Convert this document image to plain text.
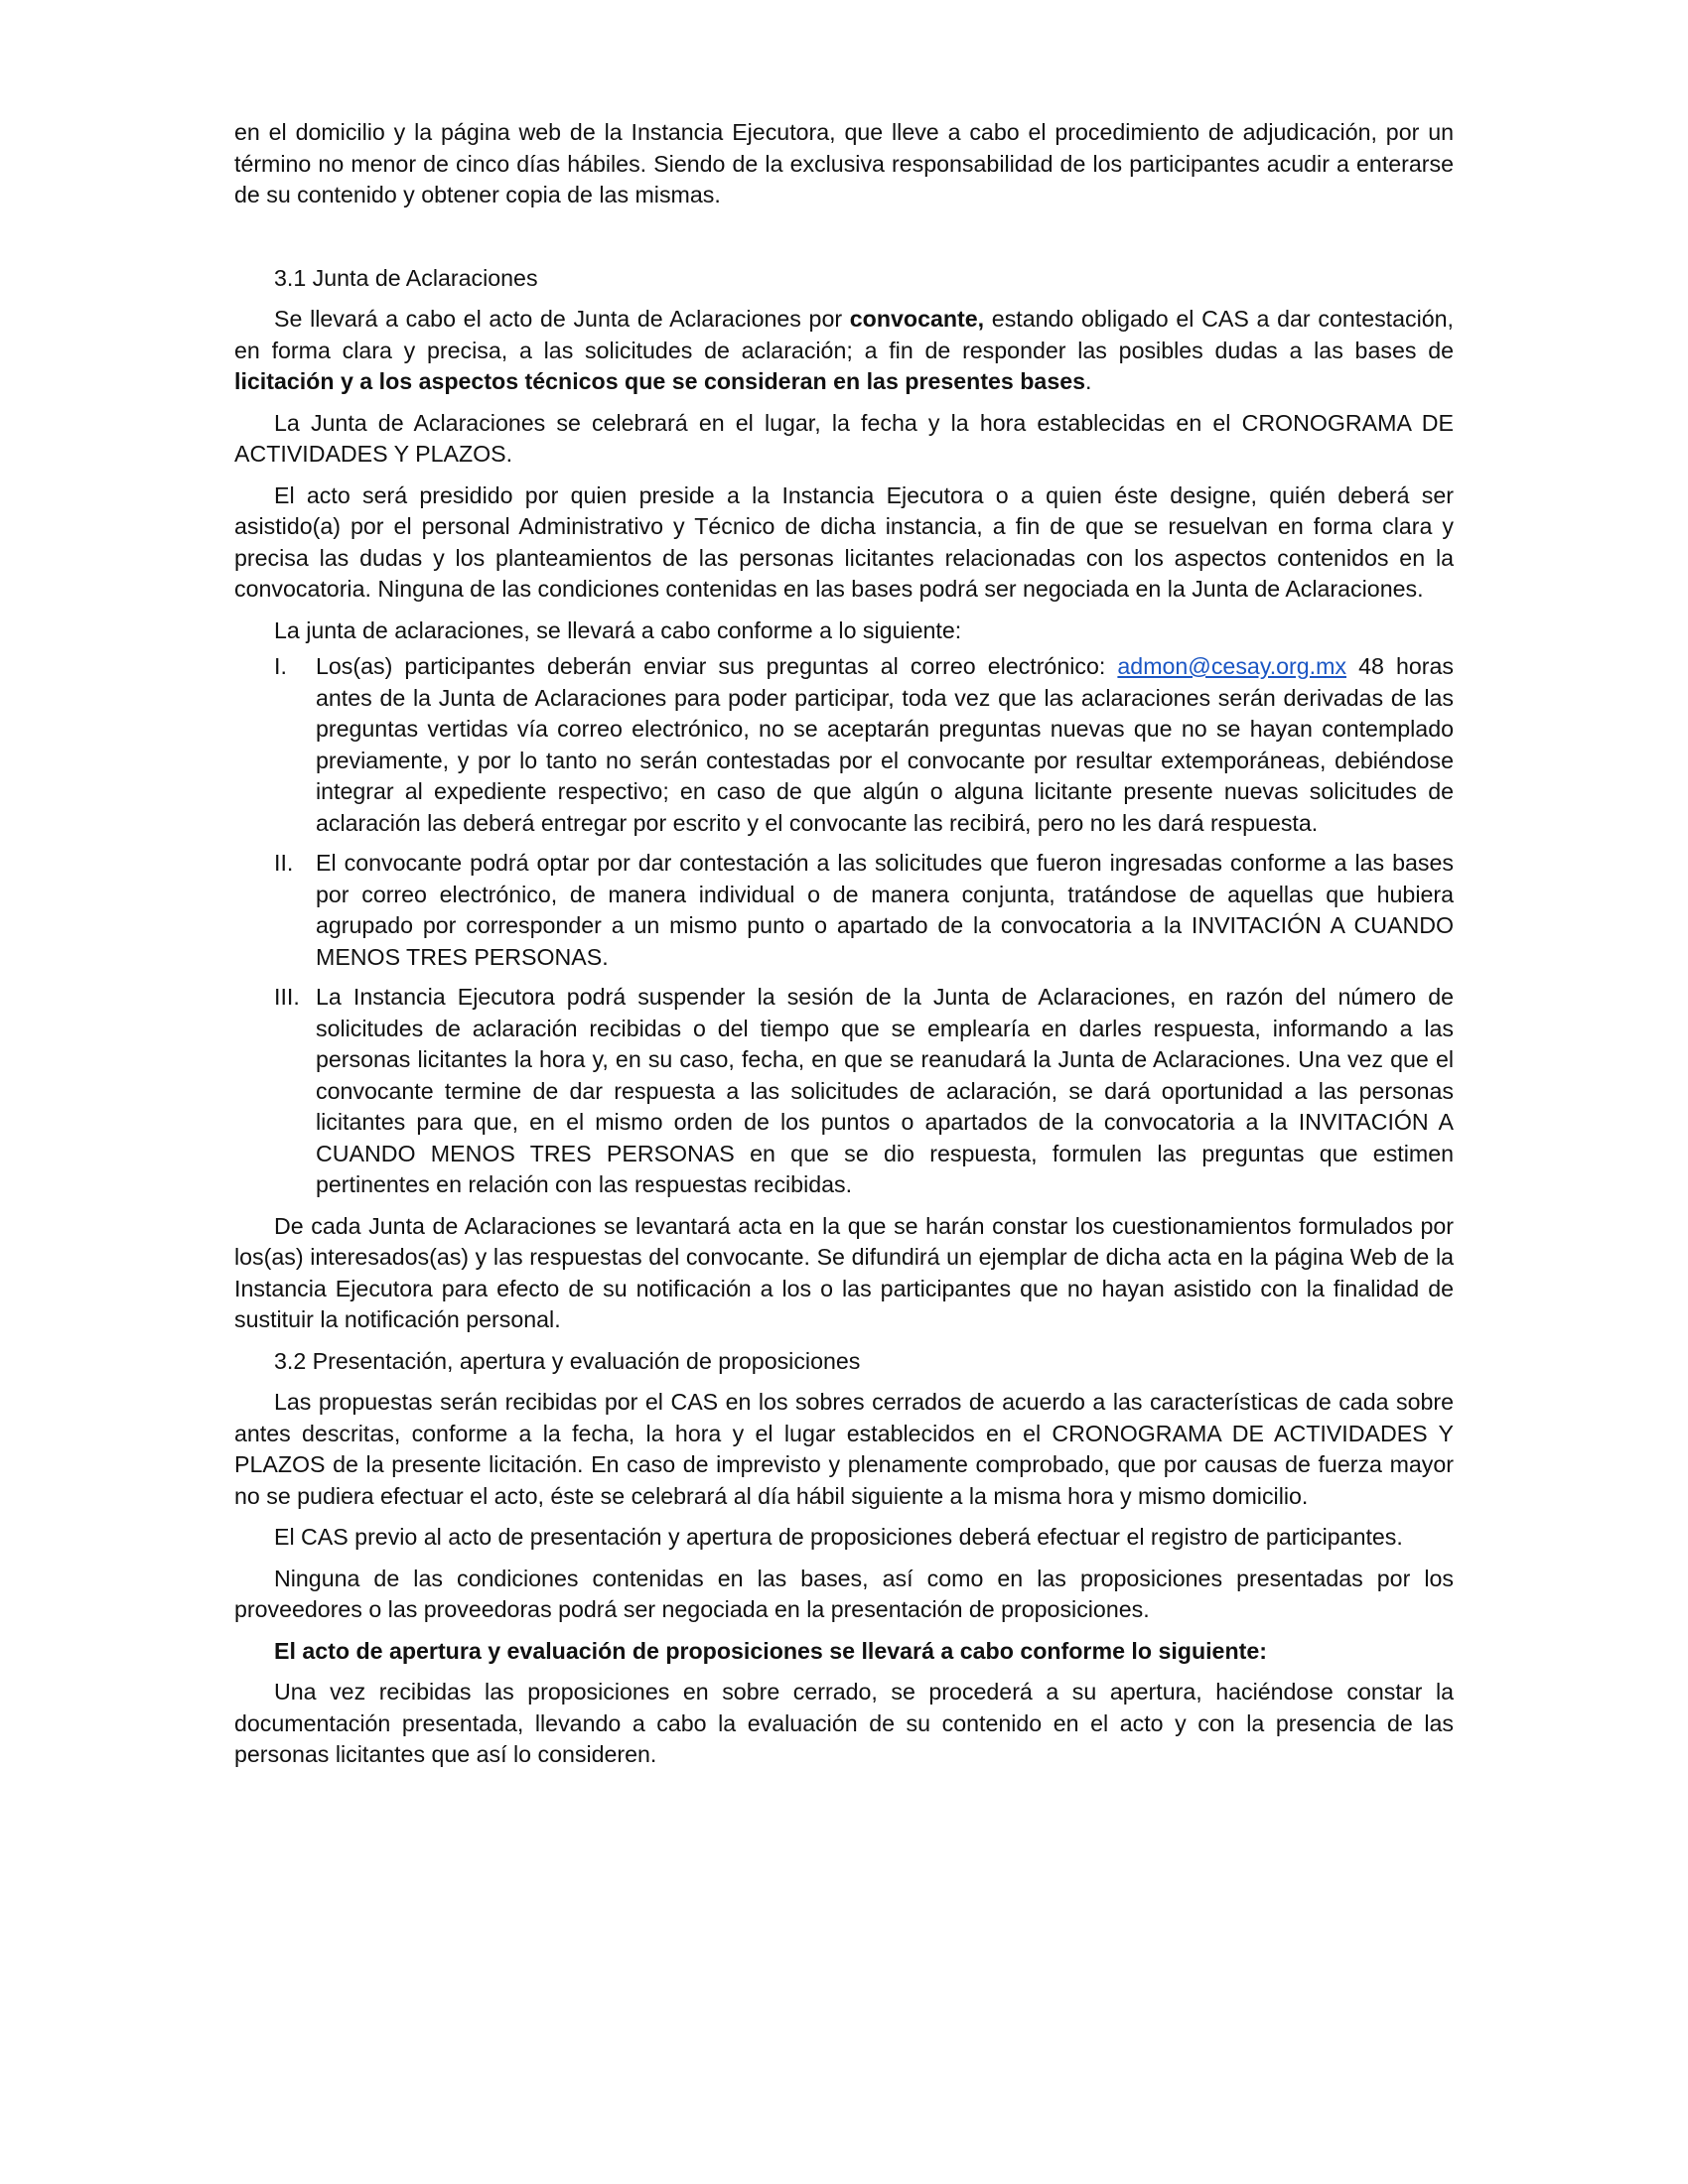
en el domicilio y la página web de la Instancia Ejecutora, que lleve a cabo el procedimiento de adjudicación, por un término no menor de cinco días hábiles. Siendo de la exclusiva responsabilidad de los participantes acudir a enterarse de su contenido y obtener copia de las mismas.

3.1 Junta de Aclaraciones

Se llevará a cabo el acto de Junta de Aclaraciones por convocante, estando obligado el CAS a dar contestación, en forma clara y precisa, a las solicitudes de aclaración; a fin de responder las posibles dudas a las bases de licitación y a los aspectos técnicos que se consideran en las presentes bases.

La Junta de Aclaraciones se celebrará en el lugar, la fecha y la hora establecidas en el CRONOGRAMA DE ACTIVIDADES Y PLAZOS.

El acto será presidido por quien preside a la Instancia Ejecutora o a quien éste designe, quién deberá ser asistido(a) por el personal Administrativo y Técnico de dicha instancia, a fin de que se resuelvan en forma clara y precisa las dudas y los planteamientos de las personas licitantes relacionadas con los aspectos contenidos en la convocatoria. Ninguna de las condiciones contenidas en las bases podrá ser negociada en la Junta de Aclaraciones.

La junta de aclaraciones, se llevará a cabo conforme a lo siguiente:

I.	Los(as) participantes deberán enviar sus preguntas al correo electrónico: admon@cesay.org.mx 48 horas antes de la Junta de Aclaraciones para poder participar, toda vez que las aclaraciones serán derivadas de las preguntas vertidas vía correo electrónico, no se aceptarán preguntas nuevas que no se hayan contemplado previamente, y por lo tanto no serán contestadas por el convocante por resultar extemporáneas, debiéndose integrar al expediente respectivo; en caso de que algún o alguna licitante presente nuevas solicitudes de aclaración las deberá entregar por escrito y el convocante las recibirá, pero no les dará respuesta.
II. El convocante podrá optar por dar contestación a las solicitudes que fueron ingresadas conforme a las bases por correo electrónico, de manera individual o de manera conjunta, tratándose de aquellas que hubiera agrupado por corresponder a un mismo punto o apartado de la convocatoria a la INVITACIÓN A CUANDO MENOS TRES PERSONAS.
III. La Instancia Ejecutora podrá suspender la sesión de la Junta de Aclaraciones, en razón del número de solicitudes de aclaración recibidas o del tiempo que se emplearía en darles respuesta, informando a las personas licitantes la hora y, en su caso, fecha, en que se reanudará la Junta de Aclaraciones. Una vez que el convocante termine de dar respuesta a las solicitudes de aclaración, se dará oportunidad a las personas licitantes para que, en el mismo orden de los puntos o apartados de la convocatoria a la INVITACIÓN A CUANDO MENOS TRES PERSONAS en que se dio respuesta, formulen las preguntas que estimen pertinentes en relación con las respuestas recibidas.

De cada Junta de Aclaraciones se levantará acta en la que se harán constar los cuestionamientos formulados por los(as) interesados(as) y las respuestas del convocante. Se difundirá un ejemplar de dicha acta en la página Web de la Instancia Ejecutora para efecto de su notificación a los o las participantes que no hayan asistido con la finalidad de sustituir la notificación personal.

3.2 Presentación, apertura y evaluación de proposiciones

Las propuestas serán recibidas por el CAS en los sobres cerrados de acuerdo a las características de cada sobre antes descritas, conforme a la fecha, la hora y el lugar establecidos en el CRONOGRAMA DE ACTIVIDADES Y PLAZOS de la presente licitación. En caso de imprevisto y plenamente comprobado, que por causas de fuerza mayor no se pudiera efectuar el acto, éste se celebrará al día hábil siguiente a la misma hora y mismo domicilio.

El CAS previo al acto de presentación y apertura de proposiciones deberá efectuar el registro de participantes.

Ninguna de las condiciones contenidas en las bases, así como en las proposiciones presentadas por los proveedores o las proveedoras podrá ser negociada en la presentación de proposiciones.

El acto de apertura y evaluación de proposiciones se llevará a cabo conforme lo siguiente:

Una vez recibidas las proposiciones en sobre cerrado, se procederá a su apertura, haciéndose constar la documentación presentada, llevando a cabo la evaluación de su contenido en el acto y con la presencia de las personas licitantes que así lo consideren.
